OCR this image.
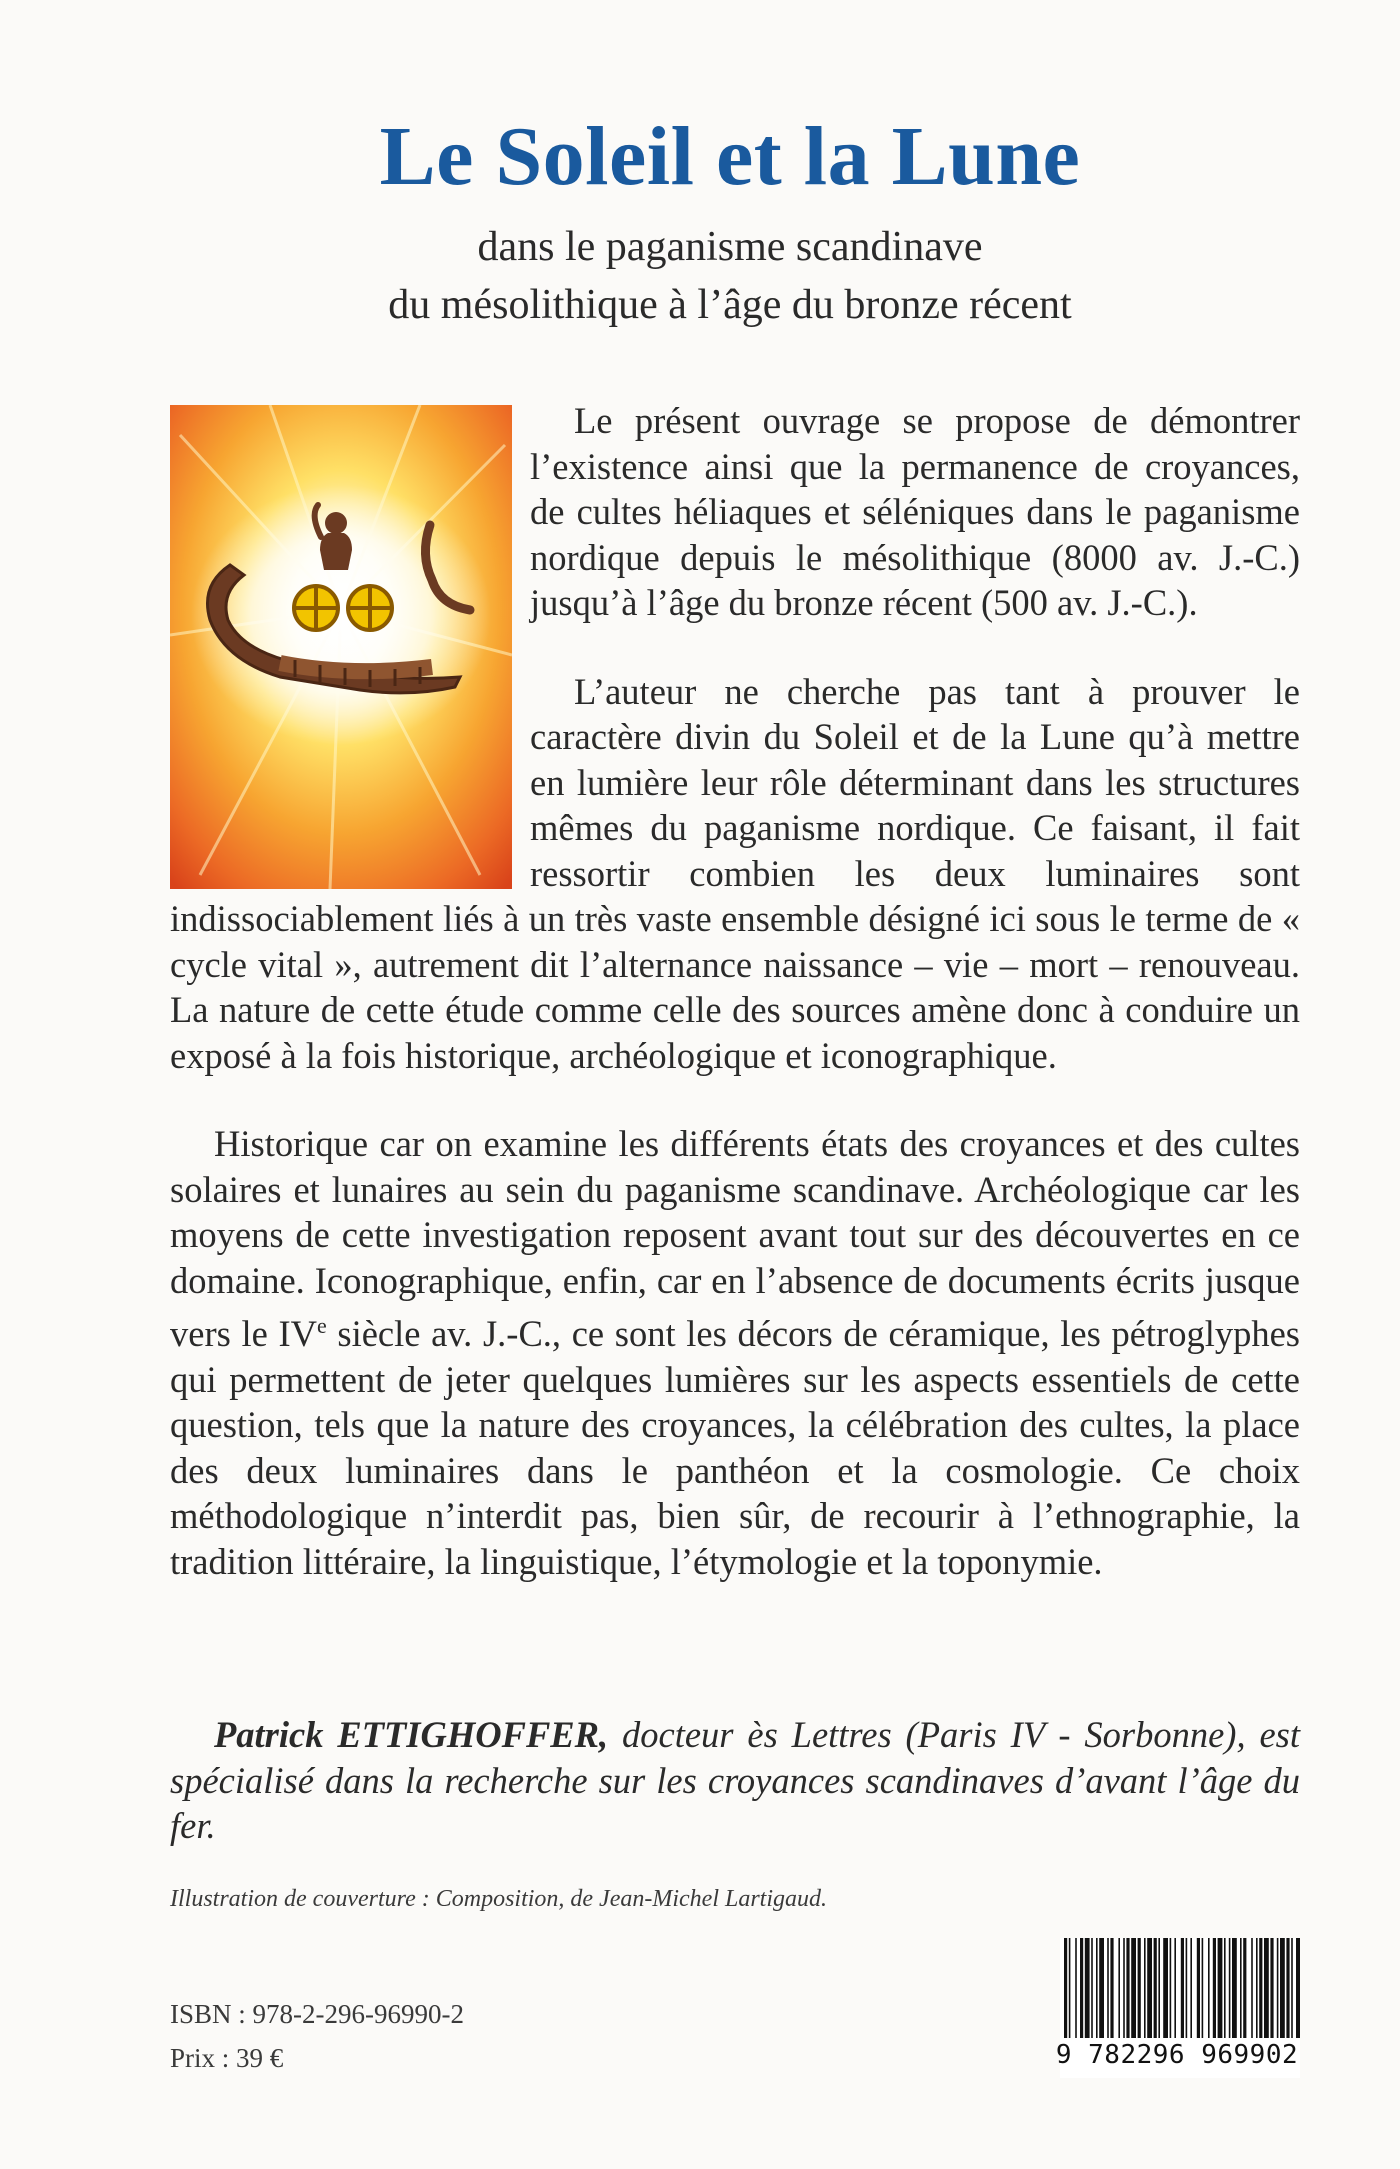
Le Soleil et la Lune
dans le paganisme scandinave
du mésolithique à l’âge du bronze récent

Le présent ouvrage se propose de démontrer l’existence ainsi que la permanence de croyances, de cultes héliaques et séléniques dans le paganisme nordique depuis le mésolithique (8000 av. J.-C.) jusqu’à l’âge du bronze récent (500 av. J.-C.).

L’auteur ne cherche pas tant à prouver le caractère divin du Soleil et de la Lune qu’à mettre en lumière leur rôle déterminant dans les structures mêmes du paganisme nordique. Ce faisant, il fait ressortir combien les deux luminaires sont indissociablement liés à un très vaste ensemble désigné ici sous le terme de « cycle vital », autrement dit l’alternance naissance – vie – mort – renouveau. La nature de cette étude comme celle des sources amène donc à conduire un exposé à la fois historique, archéologique et iconographique.

Historique car on examine les différents états des croyances et des cultes solaires et lunaires au sein du paganisme scandinave. Archéologique car les moyens de cette investigation reposent avant tout sur des découvertes en ce domaine. Iconographique, enfin, car en l’absence de documents écrits jusque vers le IVe siècle av. J.-C., ce sont les décors de céramique, les pétroglyphes qui permettent de jeter quelques lumières sur les aspects essentiels de cette question, tels que la nature des croyances, la célébration des cultes, la place des deux luminaires dans le panthéon et la cosmologie. Ce choix méthodologique n’interdit pas, bien sûr, de recourir à l’ethnographie, la tradition littéraire, la linguistique, l’étymologie et la toponymie.

Patrick ETTIGHOFFER, docteur ès Lettres (Paris IV - Sorbonne), est spécialisé dans la recherche sur les croyances scandinaves d’avant l’âge du fer.

Illustration de couverture : Composition, de Jean-Michel Lartigaud.
ISBN : 978-2-296-96990-2
Prix : 39 €	9 782296 969902
